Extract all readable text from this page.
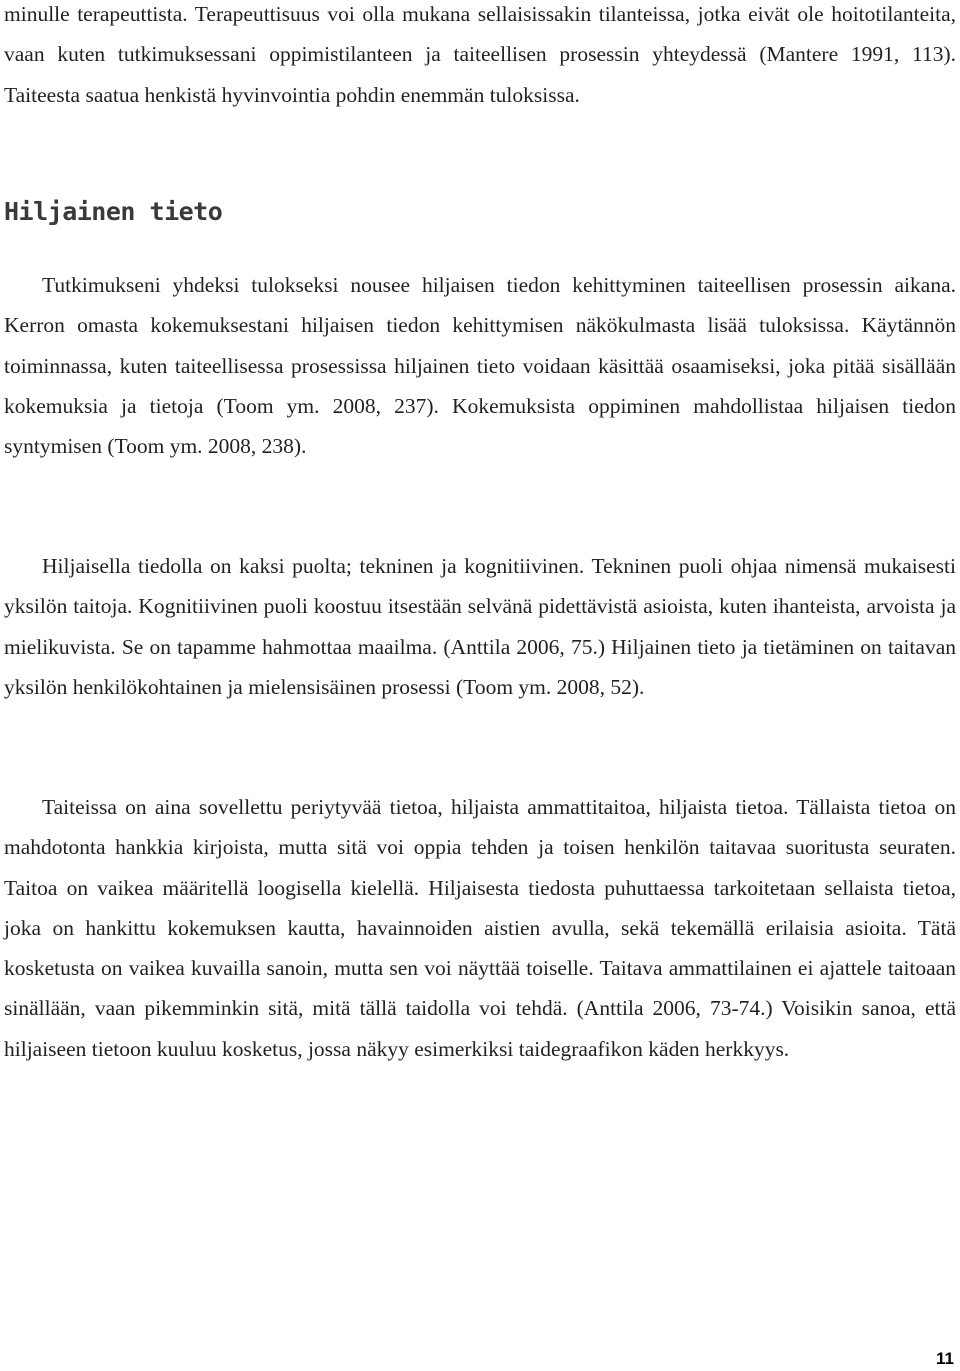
minulle terapeuttista. Terapeuttisuus voi olla mukana sellaisissakin tilanteissa, jotka eivät ole hoitotilanteita, vaan kuten tutkimuksessani oppimistilanteen ja taiteellisen prosessin yhteydessä (Mantere 1991, 113). Taiteesta saatua henkistä hyvinvointia pohdin enemmän tuloksissa.

Hiljainen tieto

Tutkimukseni yhdeksi tulokseksi nousee hiljaisen tiedon kehittyminen taiteellisen prosessin aikana. Kerron omasta kokemuksestani hiljaisen tiedon kehittymisen näkökulmasta lisää tuloksissa. Käytännön toiminnassa, kuten taiteellisessa prosessissa hiljainen tieto voidaan käsittää osaamiseksi, joka pitää sisällään kokemuksia ja tietoja (Toom ym. 2008, 237). Kokemuksista oppiminen mahdollistaa hiljaisen tiedon syntymisen (Toom ym. 2008, 238).

Hiljaisella tiedolla on kaksi puolta; tekninen ja kognitiivinen. Tekninen puoli ohjaa nimensä mukaisesti yksilön taitoja. Kognitiivinen puoli koostuu itsestään selvänä pidettävistä asioista, kuten ihanteista, arvoista ja mielikuvista. Se on tapamme hahmottaa maailma. (Anttila 2006, 75.) Hiljainen tieto ja tietäminen on taitavan yksilön henkilökohtainen ja mielensisäinen prosessi (Toom ym. 2008, 52).

Taiteissa on aina sovellettu periytyvää tietoa, hiljaista ammattitaitoa, hiljaista tietoa. Tällaista tietoa on mahdotonta hankkia kirjoista, mutta sitä voi oppia tehden ja toisen henkilön taitavaa suoritusta seuraten. Taitoa on vaikea määritellä loogisella kielellä. Hiljaisesta tiedosta puhuttaessa tarkoitetaan sellaista tietoa, joka on hankittu kokemuksen kautta, havainnoiden aistien avulla, sekä tekemällä erilaisia asioita. Tätä kosketusta on vaikea kuvailla sanoin, mutta sen voi näyttää toiselle. Taitava ammattilainen ei ajattele taitoaan sinällään, vaan pikemminkin sitä, mitä tällä taidolla voi tehdä. (Anttila 2006, 73-74.) Voisikin sanoa, että hiljaiseen tietoon kuuluu kosketus, jossa näkyy esimerkiksi taidegraafikon käden herkkyys.

11
